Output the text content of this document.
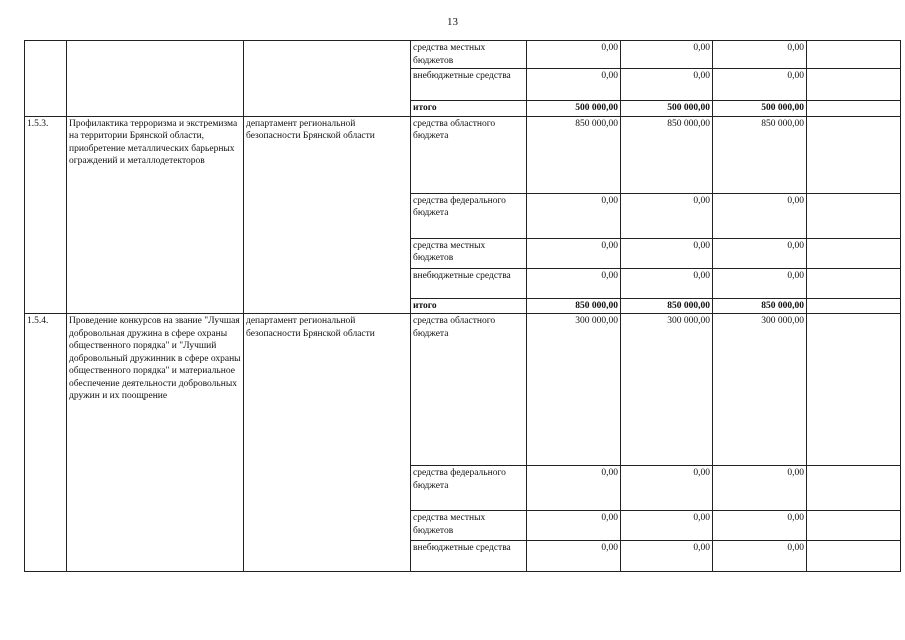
13
			средства местных бюджетов	0,00	0,00	0,00	
			внебюджетные средства	0,00	0,00	0,00	
			итого	500 000,00	500 000,00	500 000,00	
1.5.3.	Профилактика терроризма и экстремизма на территории Брянской области, приобретение металлических барьерных ограждений и металлодетекторов	департамент региональной безопасности Брянской области	средства областного бюджета	850 000,00	850 000,00	850 000,00	
			средства федерального бюджета	0,00	0,00	0,00	
			средства местных бюджетов	0,00	0,00	0,00	
			внебюджетные средства	0,00	0,00	0,00	
			итого	850 000,00	850 000,00	850 000,00	
1.5.4.	Проведение конкурсов на звание "Лучшая добровольная дружина в сфере охраны общественного порядка" и "Лучший добровольный дружинник в сфере охраны общественного порядка" и материальное обеспечение деятельности добровольных дружин и их поощрение	департамент региональной безопасности Брянской области	средства областного бюджета	300 000,00	300 000,00	300 000,00	
			средства федерального бюджета	0,00	0,00	0,00	
			средства местных бюджетов	0,00	0,00	0,00	
			внебюджетные средства	0,00	0,00	0,00	
